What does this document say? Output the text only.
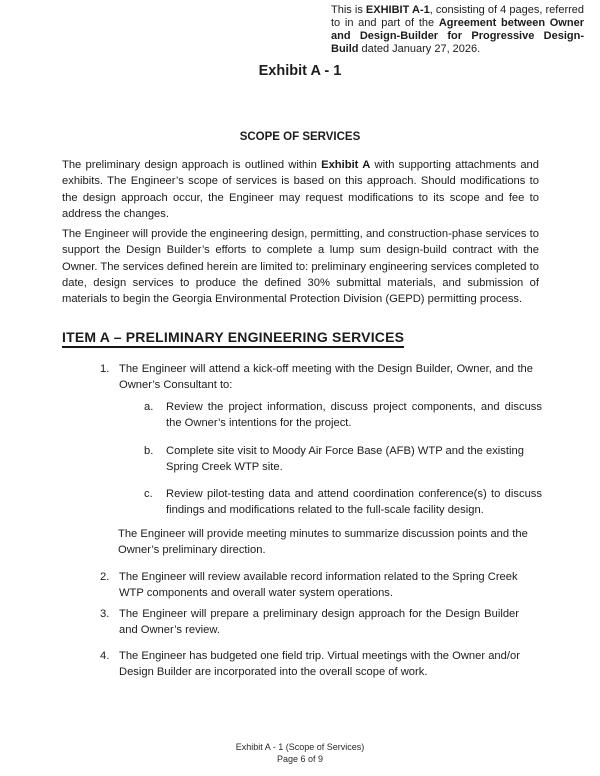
This is EXHIBIT A-1, consisting of 4 pages, referred to in and part of the Agreement between Owner and Design-Builder for Progressive Design-Build dated January 27, 2026.

Exhibit A - 1
SCOPE OF SERVICES

The preliminary design approach is outlined within Exhibit A with supporting attachments and exhibits. The Engineer’s scope of services is based on this approach. Should modifications to the design approach occur, the Engineer may request modifications to its scope and fee to address the changes.

The Engineer will provide the engineering design, permitting, and construction-phase services to support the Design Builder’s efforts to complete a lump sum design-build contract with the Owner. The services defined herein are limited to: preliminary engineering services completed to date, design services to produce the defined 30% submittal materials, and submission of materials to begin the Georgia Environmental Protection Division (GEPD) permitting process.

ITEM A – PRELIMINARY ENGINEERING SERVICES
1. The Engineer will attend a kick-off meeting with the Design Builder, Owner, and the Owner’s Consultant to:
a.	Review the project information, discuss project components, and discuss the Owner’s intentions for the project.
b.	Complete site visit to Moody Air Force Base (AFB) WTP and the existing Spring Creek WTP site.
c.	Review pilot-testing data and attend coordination conference(s) to discuss findings and modifications related to the full-scale facility design.

The Engineer will provide meeting minutes to summarize discussion points and the Owner’s preliminary direction.

2. The Engineer will review available record information related to the Spring Creek WTP components and overall water system operations.
3. The Engineer will prepare a preliminary design approach for the Design Builder and Owner’s review.
4. The Engineer has budgeted one field trip. Virtual meetings with the Owner and/or Design Builder are incorporated into the overall scope of work.
Exhibit A - 1 (Scope of Services)
Page 6 of 9
